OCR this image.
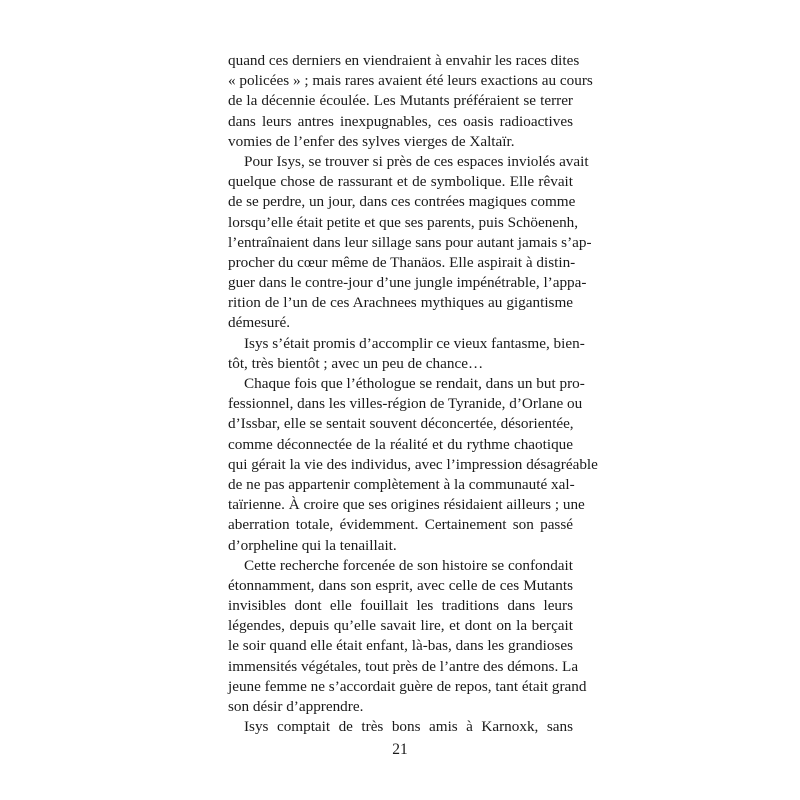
quand ces derniers en viendraient à envahir les races dites
« policées » ; mais rares avaient été leurs exactions au cours
de la décennie écoulée. Les Mutants préféraient se terrer
dans leurs antres inexpugnables, ces oasis radioactives
vomies de l’enfer des sylves vierges de Xaltaïr.
Pour Isys, se trouver si près de ces espaces inviolés avait
quelque chose de rassurant et de symbolique. Elle rêvait
de se perdre, un jour, dans ces contrées magiques comme
lorsqu’elle était petite et que ses parents, puis Schöenenh,
l’entraînaient dans leur sillage sans pour autant jamais s’ap-
procher du cœur même de Thanäos. Elle aspirait à distin-
guer dans le contre-jour d’une jungle impénétrable, l’appa-
rition de l’un de ces Arachnees mythiques au gigantisme
démesuré.
Isys s’était promis d’accomplir ce vieux fantasme, bien-
tôt, très bientôt ; avec un peu de chance…
Chaque fois que l’éthologue se rendait, dans un but pro-
fessionnel, dans les villes-région de Tyranide, d’Orlane ou
d’Issbar, elle se sentait souvent déconcertée, désorientée,
comme déconnectée de la réalité et du rythme chaotique
qui gérait la vie des individus, avec l’impression désagréable
de ne pas appartenir complètement à la communauté xal-
taïrienne. À croire que ses origines résidaient ailleurs ; une
aberration totale, évidemment. Certainement son passé
d’orpheline qui la tenaillait.
Cette recherche forcenée de son histoire se confondait
étonnamment, dans son esprit, avec celle de ces Mutants
invisibles dont elle fouillait les traditions dans leurs
légendes, depuis qu’elle savait lire, et dont on la berçait
le soir quand elle était enfant, là-bas, dans les grandioses
immensités végétales, tout près de l’antre des démons. La
jeune femme ne s’accordait guère de repos, tant était grand
son désir d’apprendre.
Isys comptait de très bons amis à Karnoxk, sans
21
